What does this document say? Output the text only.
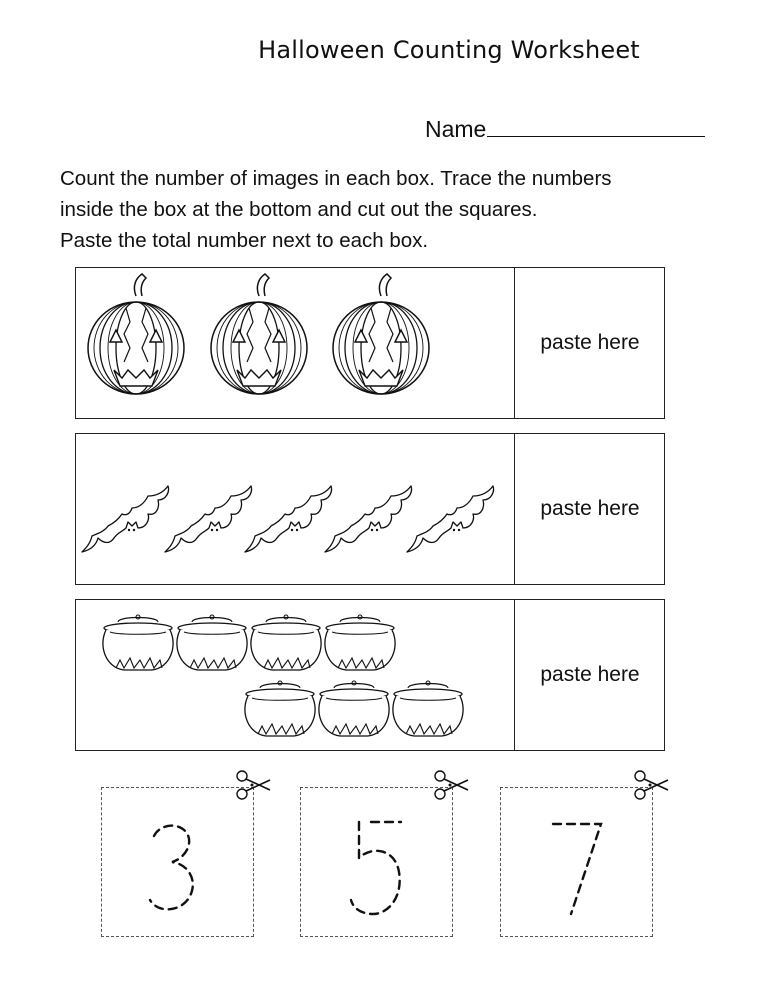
Halloween Counting Worksheet
Name
Count the number of images in each box. Trace the numbers
inside the box at the bottom and cut out the squares.
Paste the total number next to each box.
paste here
paste here
paste here
